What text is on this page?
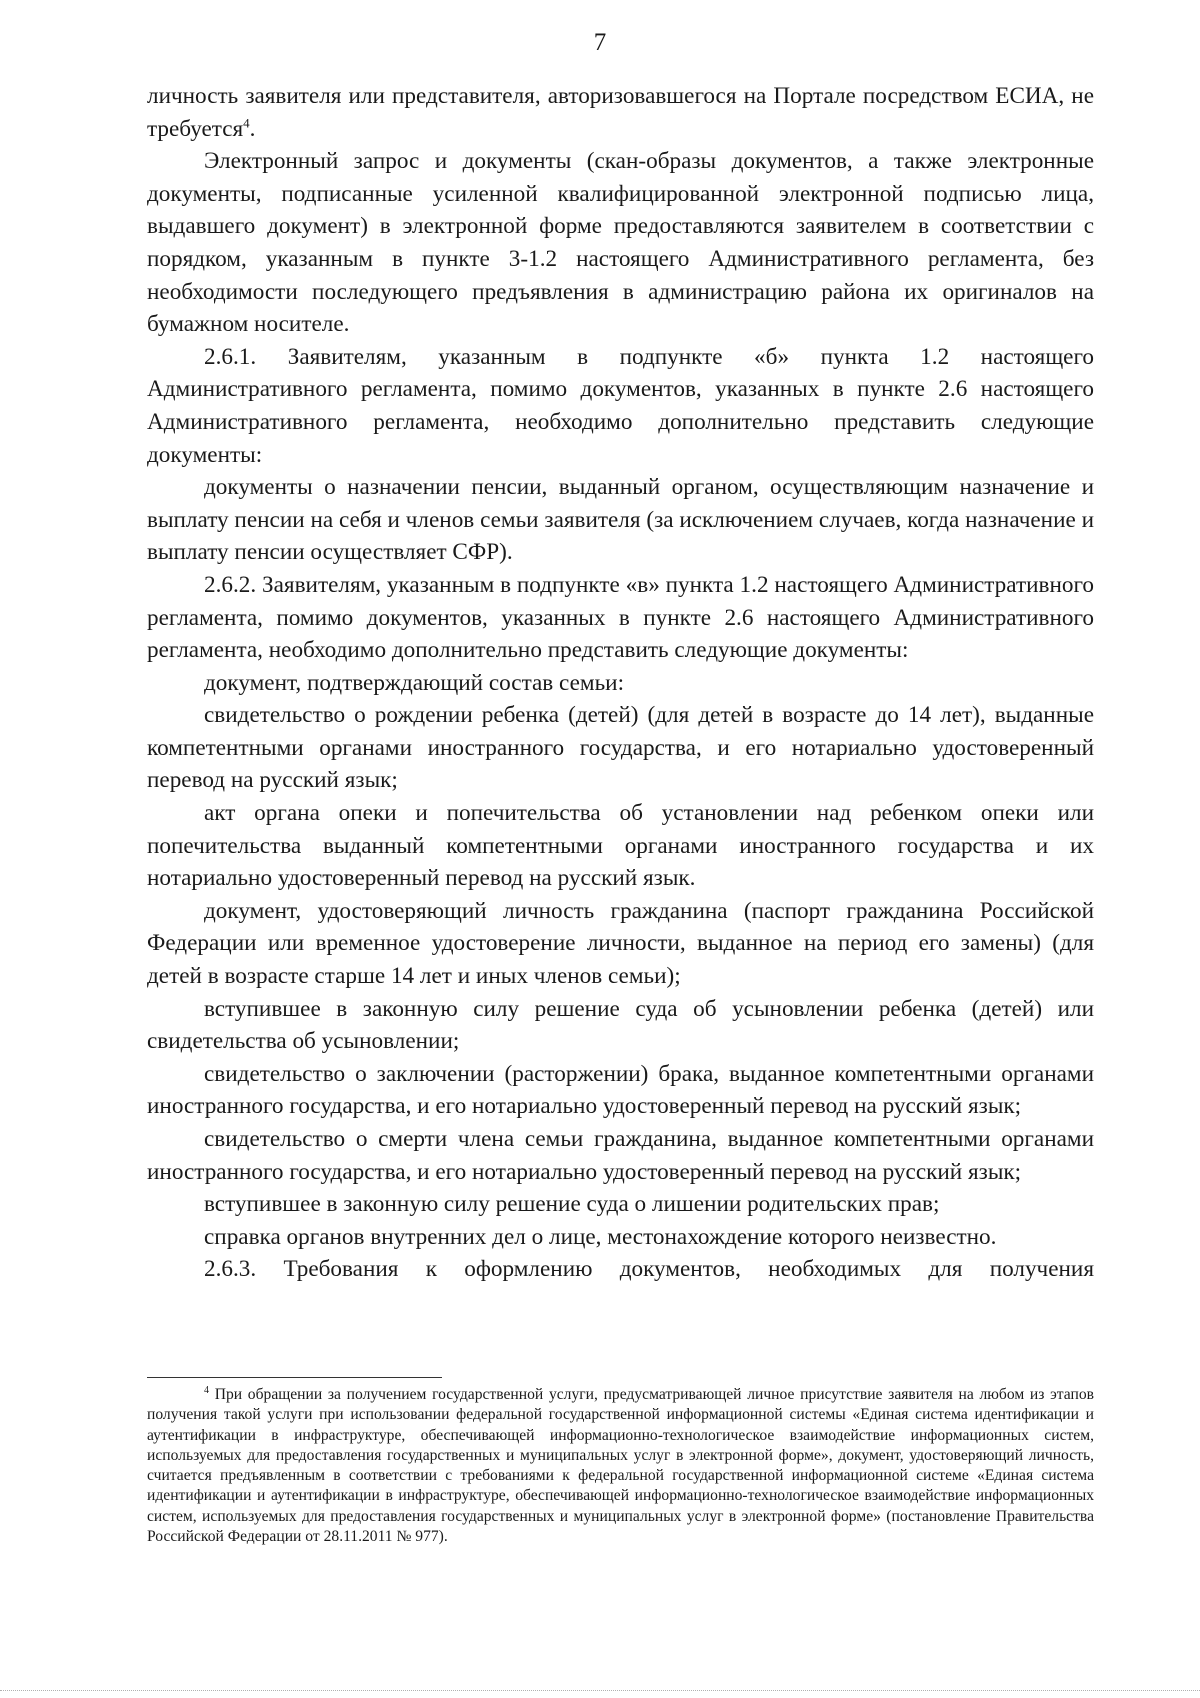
7

личность заявителя или представителя, авторизовавшегося на Портале посредством ЕСИА, не требуется$^4$.

Электронный запрос и документы (скан-образы документов, а также электронные документы, подписанные усиленной квалифицированной электронной подписью лица, выдавшего документ) в электронной форме предоставляются заявителем в соответствии с порядком, указанным в пункте 3-1.2 настоящего Административного регламента, без необходимости последующего предъявления в администрацию района их оригиналов на бумажном носителе.

2.6.1. Заявителям, указанным в подпункте «б» пункта 1.2 настоящего Административного регламента, помимо документов, указанных в пункте 2.6 настоящего Административного регламента, необходимо дополнительно представить следующие документы:

документы о назначении пенсии, выданный органом, осуществляющим назначение и выплату пенсии на себя и членов семьи заявителя (за исключением случаев, когда назначение и выплату пенсии осуществляет СФР).

2.6.2. Заявителям, указанным в подпункте «в» пункта 1.2 настоящего Административного регламента, помимо документов, указанных в пункте 2.6 настоящего Административного регламента, необходимо дополнительно представить следующие документы:

документ, подтверждающий состав семьи:

свидетельство о рождении ребенка (детей) (для детей в возрасте до 14 лет), выданные компетентными органами иностранного государства, и его нотариально удостоверенный перевод на русский язык;

акт органа опеки и попечительства об установлении над ребенком опеки или попечительства выданный компетентными органами иностранного государства и их нотариально удостоверенный перевод на русский язык.

документ, удостоверяющий личность гражданина (паспорт гражданина Российской Федерации или временное удостоверение личности, выданное на период его замены) (для детей в возрасте старше 14 лет и иных членов семьи);

вступившее в законную силу решение суда об усыновлении ребенка (детей) или свидетельства об усыновлении;

свидетельство о заключении (расторжении) брака, выданное компетентными органами иностранного государства, и его нотариально удостоверенный перевод на русский язык;

свидетельство о смерти члена семьи гражданина, выданное компетентными органами иностранного государства, и его нотариально удостоверенный перевод на русский язык;

вступившее в законную силу решение суда о лишении родительских прав;

справка органов внутренних дел о лице, местонахождение которого неизвестно.

2.6.3. Требования к оформлению документов, необходимых для получения

$^4$ При обращении за получением государственной услуги, предусматривающей личное присутствие заявителя на любом из этапов получения такой услуги при использовании федеральной государственной информационной системы «Единая система идентификации и аутентификации в инфраструктуре, обеспечивающей информационно-технологическое взаимодействие информационных систем, используемых для предоставления государственных и муниципальных услуг в электронной форме», документ, удостоверяющий личность, считается предъявленным в соответствии с требованиями к федеральной государственной информационной системе «Единая система идентификации и аутентификации в инфраструктуре, обеспечивающей информационно-технологическое взаимодействие информационных систем, используемых для предоставления государственных и муниципальных услуг в электронной форме» (постановление Правительства Российской Федерации от 28.11.2011 № 977).
